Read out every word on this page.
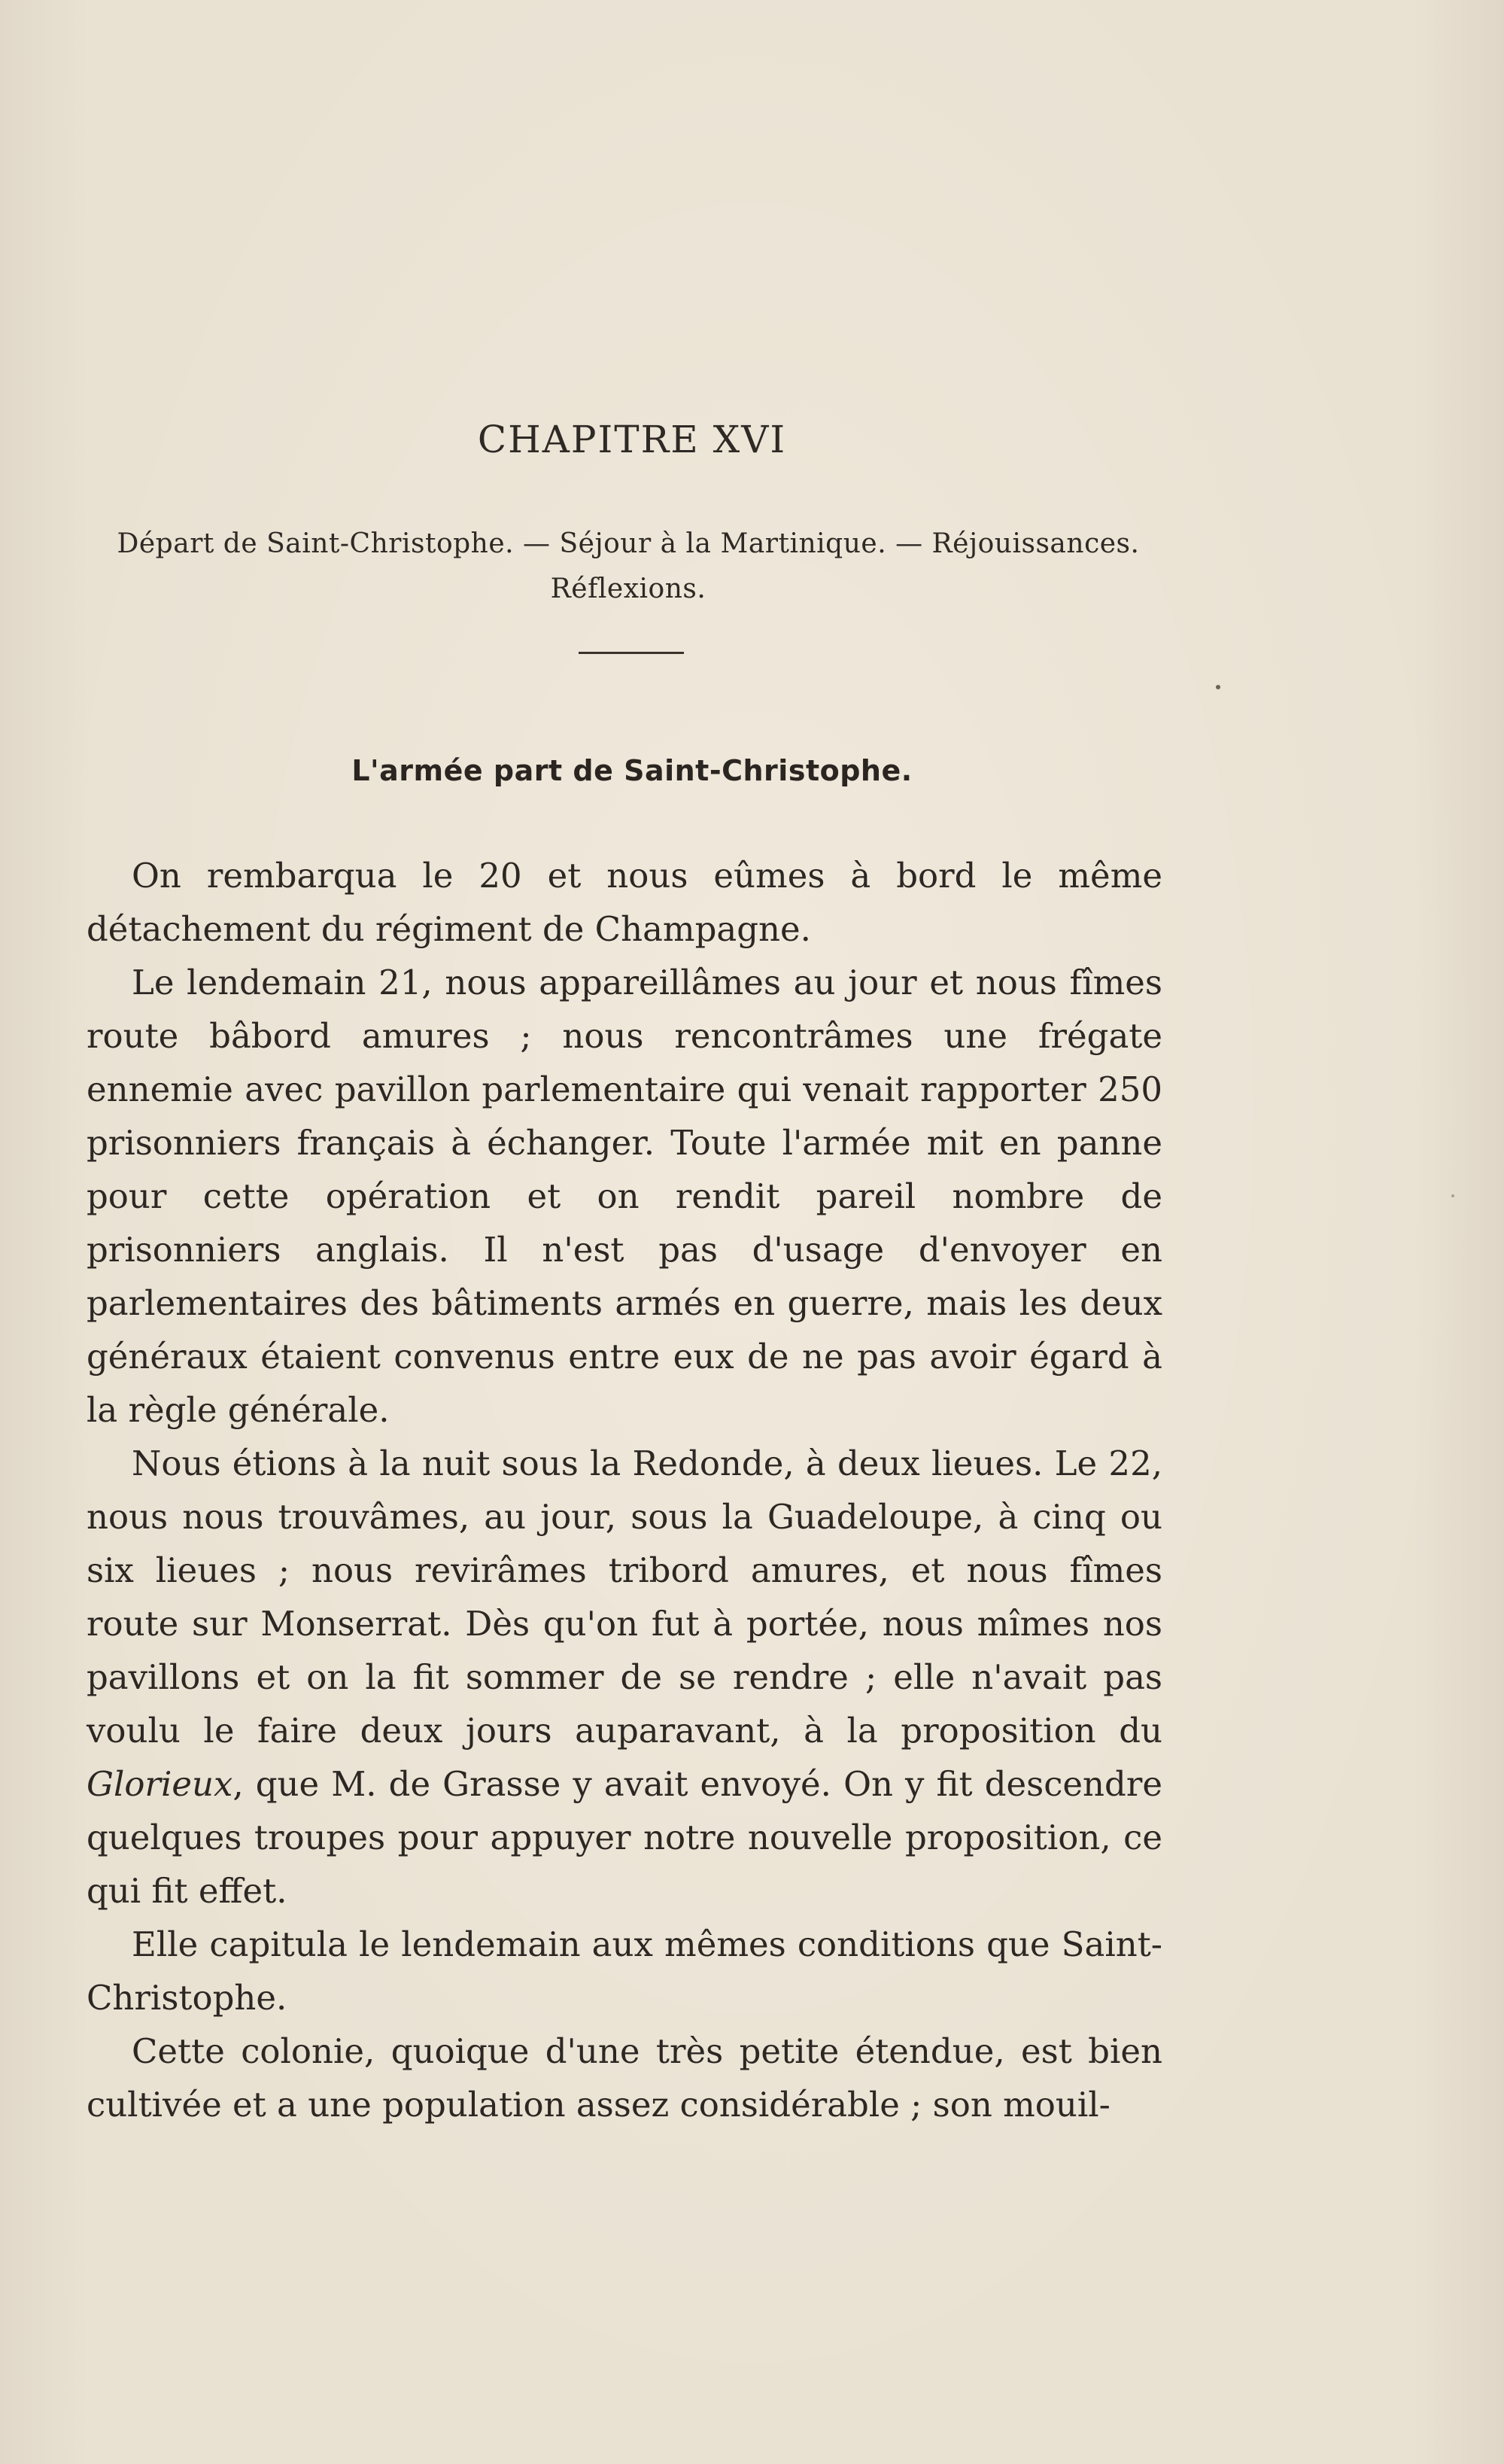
CHAPITRE XVI
Départ de Saint-Christophe. — Séjour à la Martinique. — Réjouissances.
Réflexions.
L'armée part de Saint-Christophe.

On rembarqua le 20 et nous eûmes à bord le même détachement du régiment de Champagne.

Le lendemain 21, nous appareillâmes au jour et nous fîmes route bâbord amures ; nous rencontrâmes une frégate ennemie avec pavillon parlementaire qui venait rapporter 250 prisonniers français à échanger. Toute l'armée mit en panne pour cette opération et on rendit pareil nombre de prisonniers anglais. Il n'est pas d'usage d'envoyer en parlementaires des bâtiments armés en guerre, mais les deux généraux étaient convenus entre eux de ne pas avoir égard à la règle générale.

Nous étions à la nuit sous la Redonde, à deux lieues. Le 22, nous nous trouvâmes, au jour, sous la Guadeloupe, à cinq ou six lieues ; nous revirâmes tribord amures, et nous fîmes route sur Monserrat. Dès qu'on fut à portée, nous mîmes nos pavillons et on la fit sommer de se rendre ; elle n'avait pas voulu le faire deux jours auparavant, à la proposition du Glorieux, que M. de Grasse y avait envoyé. On y fit descendre quelques troupes pour appuyer notre nouvelle proposition, ce qui fit effet.

Elle capitula le lendemain aux mêmes conditions que Saint-Christophe.

Cette colonie, quoique d'une très petite étendue, est bien cultivée et a une population assez considérable ; son mouil-
